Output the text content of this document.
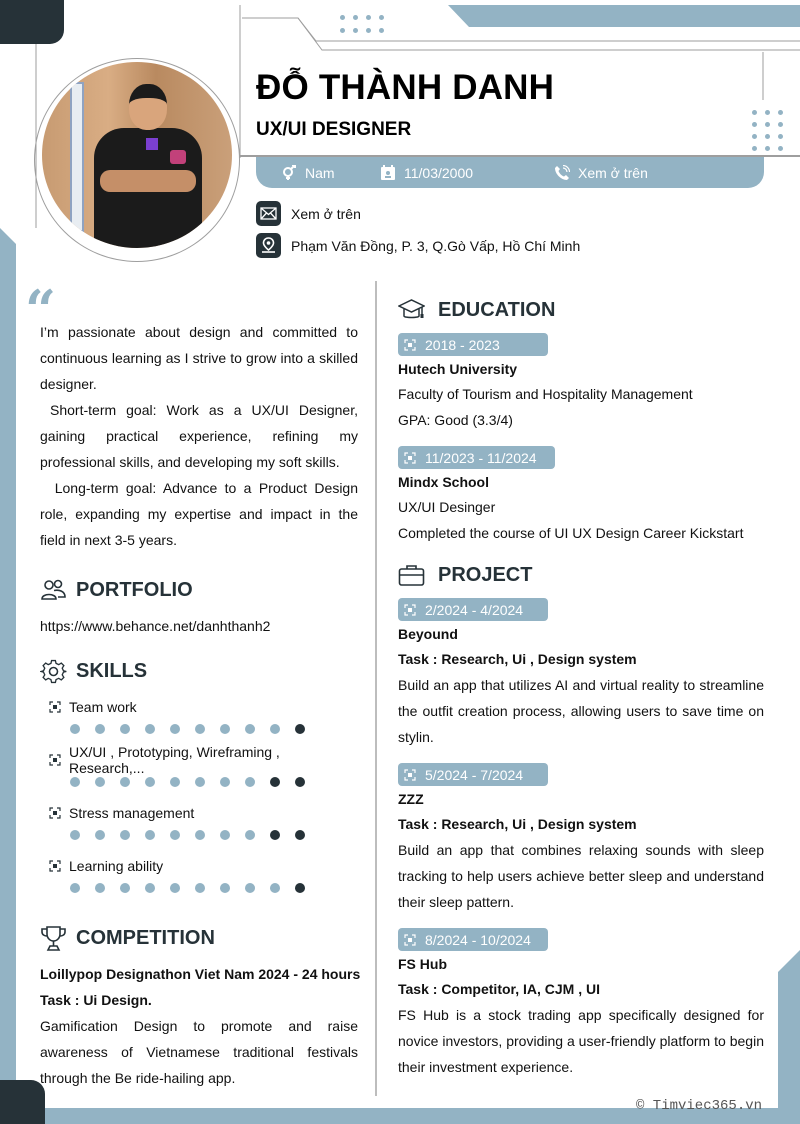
ĐỖ THÀNH DANH
UX/UI DESIGNER
Nam	11/03/2000	Xem ở trên
Xem ở trên
Phạm Văn Đồng, P. 3, Q.Gò Vấp, Hồ Chí Minh
“

I’m passionate about design and committed to continuous learning as I strive to grow into a skilled designer.

Short-term goal: Work as a UX/UI Designer, gaining practical experience, refining my professional skills, and developing my soft skills.

Long-term goal: Advance to a Product Design role, expanding my expertise and impact in the field in next 3-5 years.

PORTFOLIO
https://www.behance.net/danhthanh2
SKILLS
Team work
UX/UI , Prototyping, Wireframing , Research,...
Stress management
Learning ability
COMPETITION
Loillypop Designathon Viet Nam 2024 - 24 hours
Task : Ui Design.
Gamification Design to promote and raise awareness of Vietnamese traditional festivals through the Be ride-hailing app.
EDUCATION
2018 - 2023
Hutech University
Faculty of Tourism and Hospitality Management
GPA: Good (3.3/4)
11/2023 - 11/2024
Mindx School
UX/UI Desinger
Completed the course of UI UX Design Career Kickstart
PROJECT
2/2024 - 4/2024
Beyound
Task : Research, Ui , Design system
Build an app that utilizes AI and virtual reality to streamline the outfit creation process, allowing users to save time on stylin.
5/2024 - 7/2024
ZZZ
Task : Research, Ui , Design system
Build an app that combines relaxing sounds with sleep tracking to help users achieve better sleep and understand their sleep pattern.
8/2024 - 10/2024
FS Hub
Task : Competitor, IA, CJM , UI
FS Hub is a stock trading app specifically designed for novice investors, providing a user-friendly platform to begin their investment experience.
© Timviec365.vn
